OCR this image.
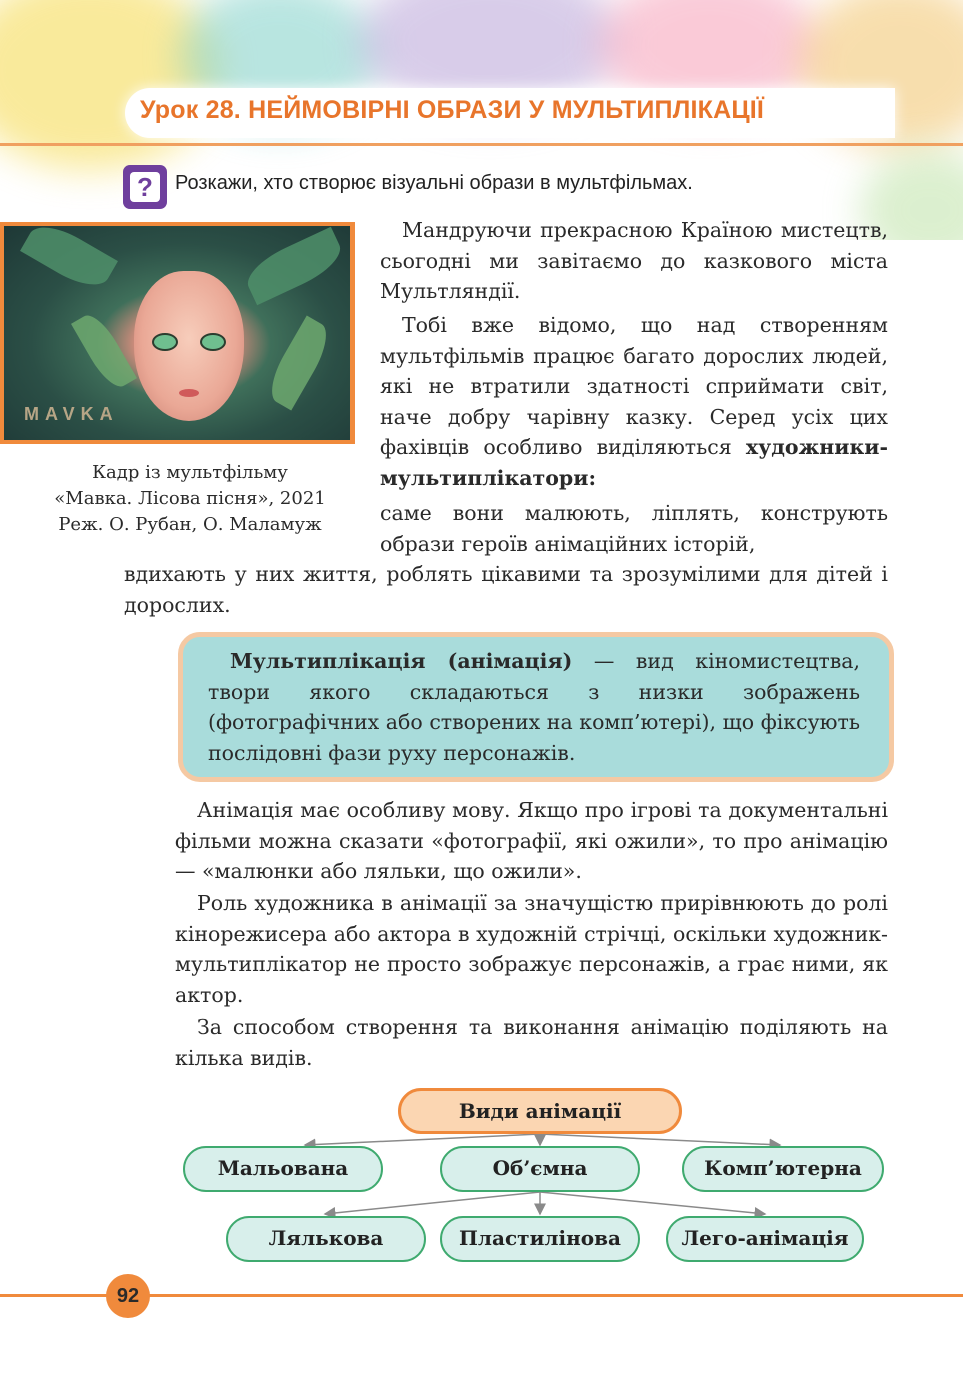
Урок 28. НЕЙМОВІРНІ ОБРАЗИ У МУЛЬТИПЛІКАЦІЇ
?	Розкажи, хто створює візуальні образи в мультфільмах.
MAVKA
Кадр із мультфільму
«Мавка. Лісова пісня», 2021
Реж. О. Рубан, О. Маламуж
Мандруючи прекрасною Країною мистецтв, сьогодні ми завітаємо до казкового міста Мультляндії.
Тобі вже відомо, що над створенням мультфільмів працює багато дорослих людей, які не втратили здатності сприймати світ, наче добру чарівну казку. Серед усіх цих фахівців особливо виділяються художники-мультиплікатори:
саме вони малюють, ліплять, конструють образи героїв анімаційних історій,
вдихають у них життя, роблять цікавими та зрозумілими для дітей і дорослих.
Мультиплікація (анімація) — вид кіномистецтва, твори якого складаються з низки зображень (фотографічних або створених на комп’ютері), що фіксують послідовні фази руху персонажів.
Анімація має особливу мову. Якщо про ігрові та документальні фільми можна сказати «фотографії, які ожили», то про анімацію — «малюнки або ляльки, що ожили».
Роль художника в анімації за значущістю прирівнюють до ролі кінорежисера або актора в художній стрічці, оскільки художник-мультиплікатор не просто зображує персонажів, а грає ними, як актор.
За способом створення та виконання анімацію поділяють на кілька видів.
Види анімації
Мальована	Об’ємна	Комп’ютерна
Лялькова	Пластилінова	Лего-анімація
92
